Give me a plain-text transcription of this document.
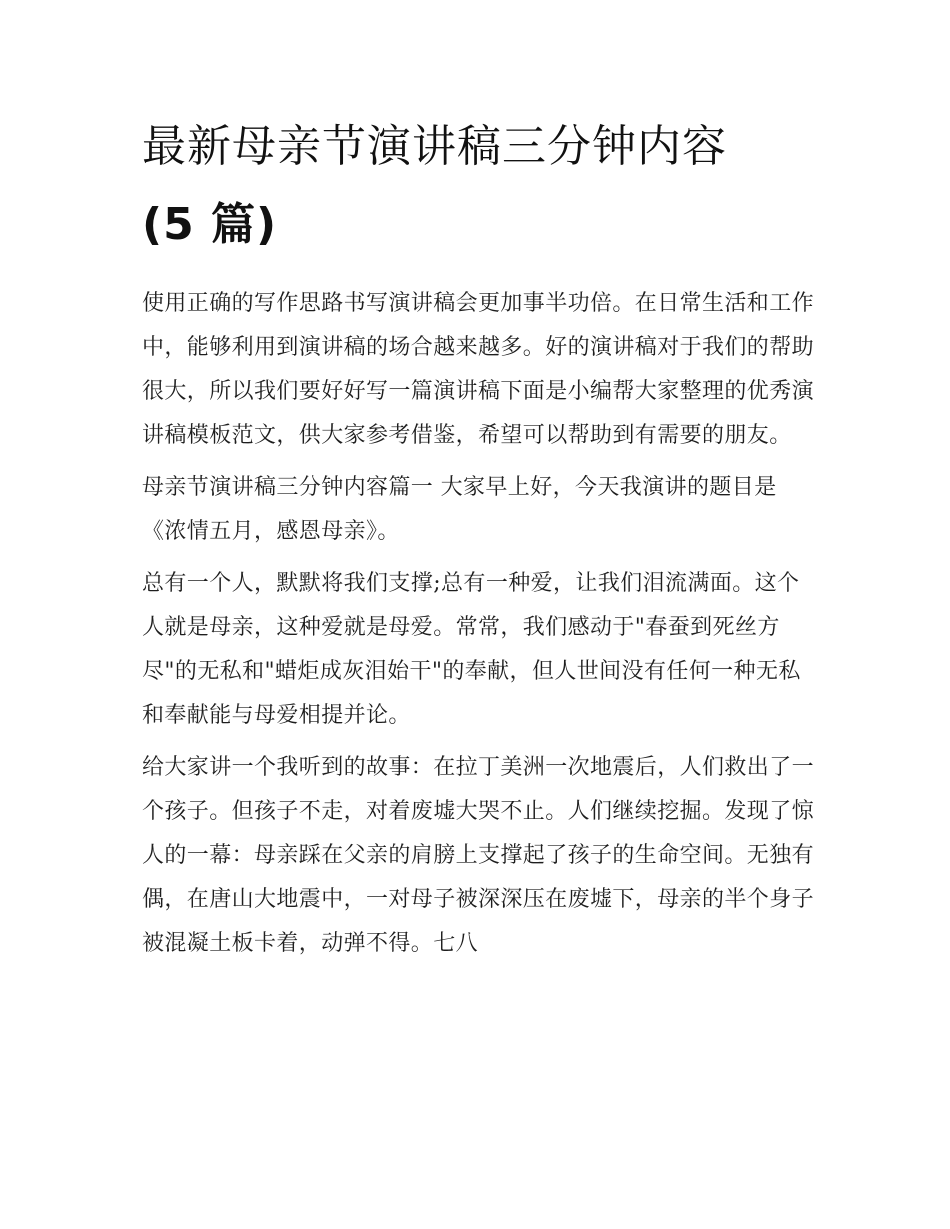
最新母亲节演讲稿三分钟内容
(5 篇)

使用正确的写作思路书写演讲稿会更加事半功倍。在日常生活和工作中，能够利用到演讲稿的场合越来越多。好的演讲稿对于我们的帮助很大，所以我们要好好写一篇演讲稿下面是小编帮大家整理的优秀演讲稿模板范文，供大家参考借鉴，希望可以帮助到有需要的朋友。

母亲节演讲稿三分钟内容篇一 大家早上好，今天我演讲的题目是《浓情五月，感恩母亲》。

总有一个人，默默将我们支撑;总有一种爱，让我们泪流满面。这个人就是母亲，这种爱就是母爱。常常，我们感动于"春蚕到死丝方尽"的无私和"蜡炬成灰泪始干"的奉献，但人世间没有任何一种无私和奉献能与母爱相提并论。

给大家讲一个我听到的故事：在拉丁美洲一次地震后，人们救出了一个孩子。但孩子不走，对着废墟大哭不止。人们继续挖掘。发现了惊人的一幕：母亲踩在父亲的肩膀上支撑起了孩子的生命空间。无独有偶，在唐山大地震中，一对母子被深深压在废墟下，母亲的半个身子被混凝土板卡着，动弹不得。七八
